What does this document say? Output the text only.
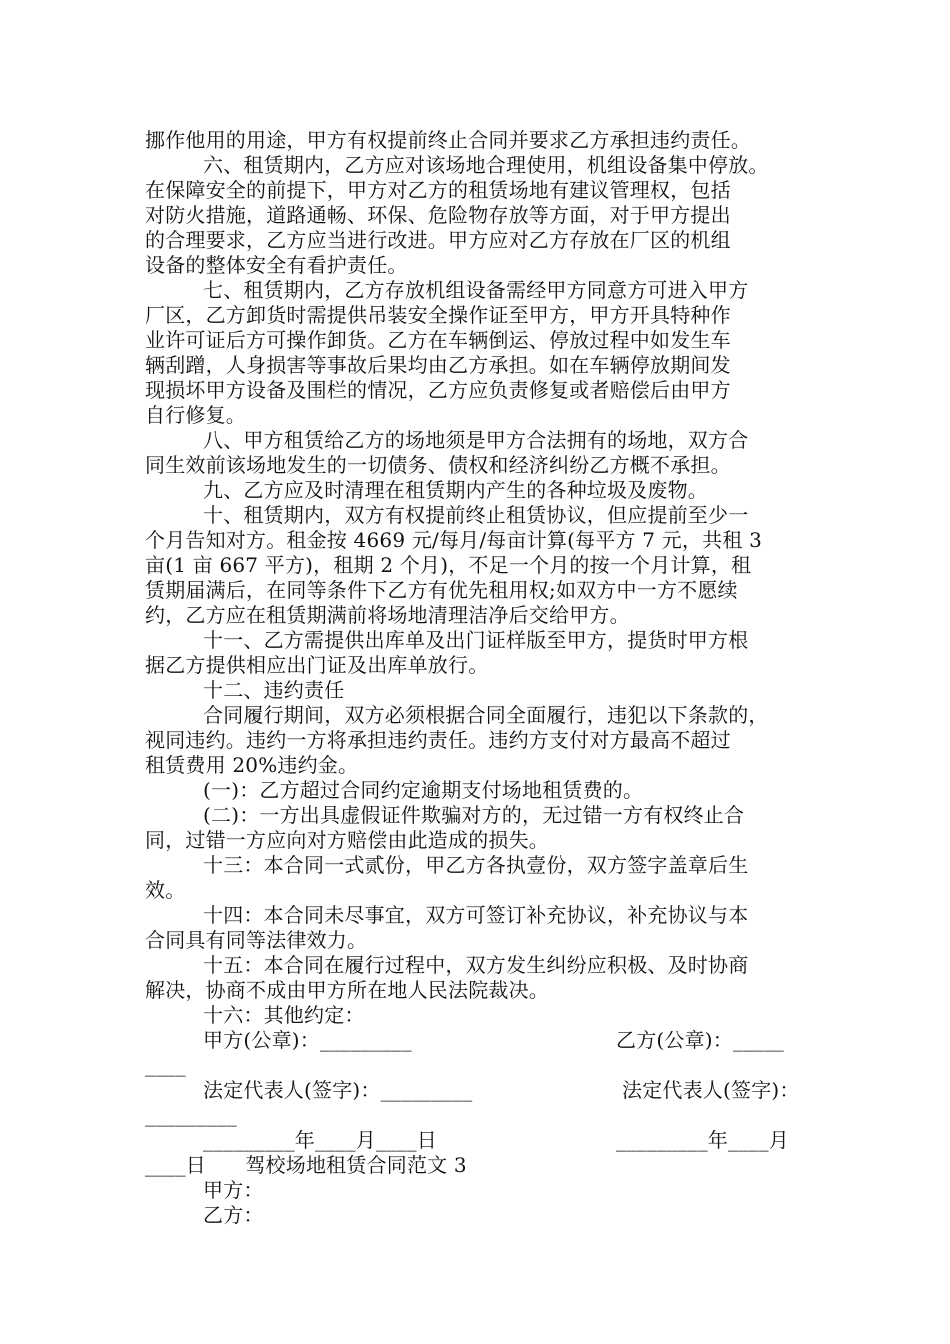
挪作他用的用途，甲方有权提前终止合同并要求乙方承担违约责任。
六、租赁期内，乙方应对该场地合理使用，机组设备集中停放。
在保障安全的前提下，甲方对乙方的租赁场地有建议管理权，包括
对防火措施，道路通畅、环保、危险物存放等方面，对于甲方提出
的合理要求，乙方应当进行改进。甲方应对乙方存放在厂区的机组
设备的整体安全有看护责任。
七、租赁期内，乙方存放机组设备需经甲方同意方可进入甲方
厂区，乙方卸货时需提供吊装安全操作证至甲方，甲方开具特种作
业许可证后方可操作卸货。乙方在车辆倒运、停放过程中如发生车
辆刮蹭，人身损害等事故后果均由乙方承担。如在车辆停放期间发
现损坏甲方设备及围栏的情况，乙方应负责修复或者赔偿后由甲方
自行修复。
八、甲方租赁给乙方的场地须是甲方合法拥有的场地，双方合
同生效前该场地发生的一切债务、债权和经济纠纷乙方概不承担。
九、乙方应及时清理在租赁期内产生的各种垃圾及废物。
十、租赁期内，双方有权提前终止租赁协议，但应提前至少一
个月告知对方。租金按 4669 元/每月/每亩计算(每平方 7 元，共租 3
亩(1 亩 667 平方)，租期 2 个月)，不足一个月的按一个月计算，租
赁期届满后，在同等条件下乙方有优先租用权;如双方中一方不愿续
约，乙方应在租赁期满前将场地清理洁净后交给甲方。
十一、乙方需提供出库单及出门证样版至甲方，提货时甲方根
据乙方提供相应出门证及出库单放行。
十二、违约责任
合同履行期间，双方必须根据合同全面履行，违犯以下条款的，
视同违约。违约一方将承担违约责任。违约方支付对方最高不超过
租赁费用 20%违约金。
(一)：乙方超过合同约定逾期支付场地租赁费的。
(二)：一方出具虚假证件欺骗对方的，无过错一方有权终止合
同，过错一方应向对方赔偿由此造成的损失。
十三：本合同一式贰份，甲乙方各执壹份，双方签字盖章后生
效。
十四：本合同未尽事宜，双方可签订补充协议，补充协议与本
合同具有同等法律效力。
十五：本合同在履行过程中，双方发生纠纷应积极、及时协商
解决，协商不成由甲方所在地人民法院裁决。
十六：其他约定：
甲方(公章)：_________	乙方(公章)：_____
____
法定代表人(签字)：_________	法定代表人(签字)：
_________
_________年____月____日	_________年____月
____日      驾校场地租赁合同范文 3
甲方：
乙方：
